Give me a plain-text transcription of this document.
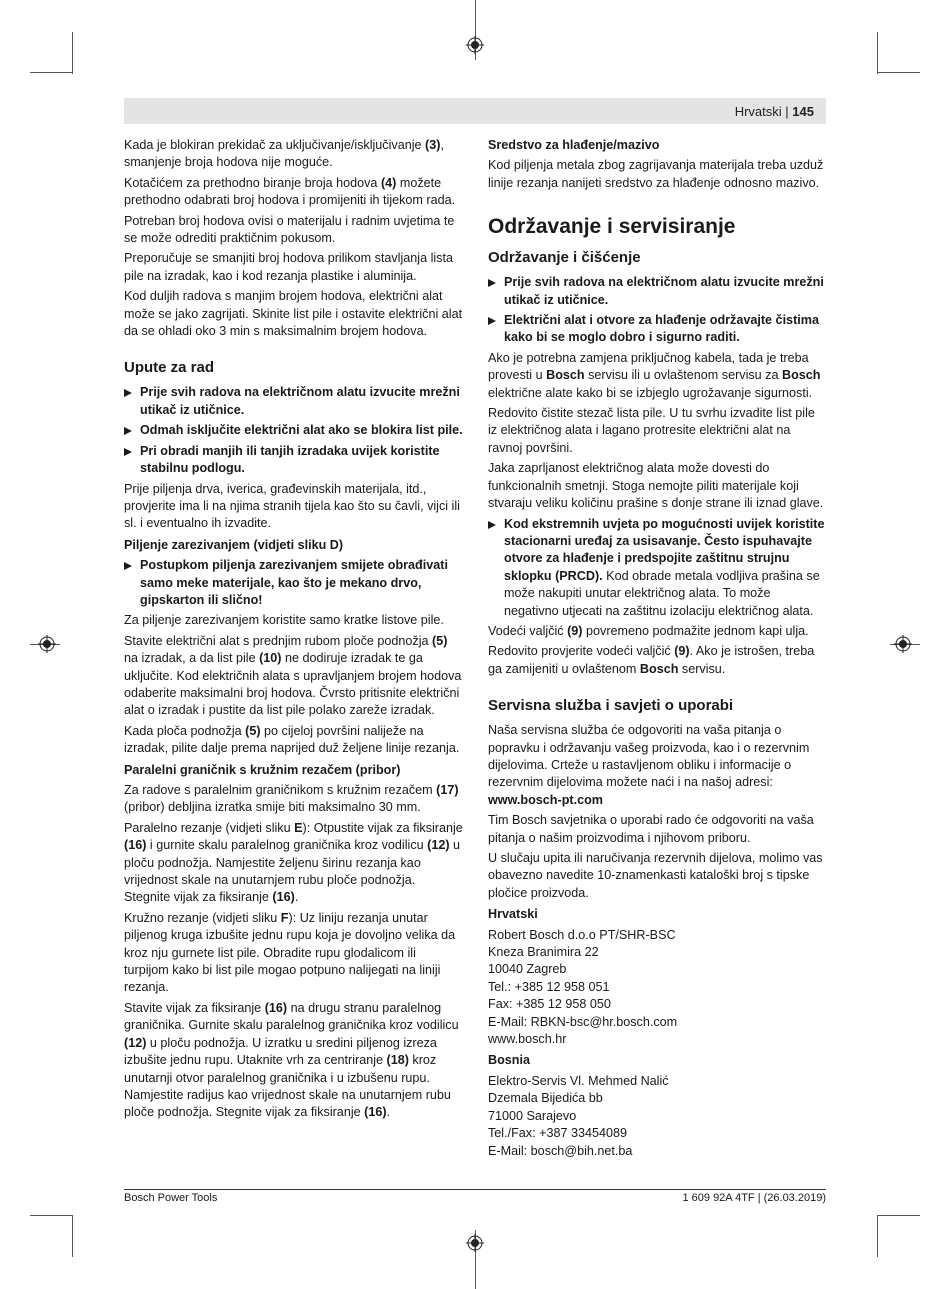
Hrvatski | 145

Kada je blokiran prekidač za uključivanje/isključivanje (3), smanjenje broja hodova nije moguće.

Kotačićem za prethodno biranje broja hodova (4) možete prethodno odabrati broj hodova i promijeniti ih tijekom rada.

Potreban broj hodova ovisi o materijalu i radnim uvjetima te se može odrediti praktičnim pokusom.

Preporučuje se smanjiti broj hodova prilikom stavljanja lista pile na izradak, kao i kod rezanja plastike i aluminija.

Kod duljih radova s manjim brojem hodova, električni alat može se jako zagrijati. Skinite list pile i ostavite električni alat da se ohladi oko 3 min s maksimalnim brojem hodova.

Upute za rad
Prije svih radova na električnom alatu izvucite mrežni utikač iz utičnice.
Odmah isključite električni alat ako se blokira list pile.
Pri obradi manjih ili tanjih izradaka uvijek koristite stabilnu podlogu.

Prije piljenja drva, iverica, građevinskih materijala, itd., provjerite ima li na njima stranih tijela kao što su čavli, vijci ili sl. i eventualno ih izvadite.

Piljenje zarezivanjem (vidjeti sliku D)
Postupkom piljenja zarezivanjem smijete obrađivati samo meke materijale, kao što je mekano drvo, gipskarton ili slično!

Za piljenje zarezivanjem koristite samo kratke listove pile.

Stavite električni alat s prednjim rubom ploče podnožja (5) na izradak, a da list pile (10) ne dodiruje izradak te ga uključite. Kod električnih alata s upravljanjem brojem hodova odaberite maksimalni broj hodova. Čvrsto pritisnite električni alat o izradak i pustite da list pile polako zareže izradak.

Kada ploča podnožja (5) po cijeloj površini naliježe na izradak, pilite dalje prema naprijed duž željene linije rezanja.

Paralelni graničnik s kružnim rezačem (pribor)

Za radove s paralelnim graničnikom s kružnim rezačem (17) (pribor) debljina izratka smije biti maksimalno 30 mm.

Paralelno rezanje (vidjeti sliku E): Otpustite vijak za fiksiranje (16) i gurnite skalu paralelnog graničnika kroz vodilicu (12) u ploču podnožja. Namjestite željenu širinu rezanja kao vrijednost skale na unutarnjem rubu ploče podnožja. Stegnite vijak za fiksiranje (16).

Kružno rezanje (vidjeti sliku F): Uz liniju rezanja unutar piljenog kruga izbušite jednu rupu koja je dovoljno velika da kroz nju gurnete list pile. Obradite rupu glodalicom ili turpijom kako bi list pile mogao potpuno nalijegati na liniji rezanja.

Stavite vijak za fiksiranje (16) na drugu stranu paralelnog graničnika. Gurnite skalu paralelnog graničnika kroz vodilicu (12) u ploču podnožja. U izratku u sredini piljenog izreza izbušite jednu rupu. Utaknite vrh za centriranje (18) kroz unutarnji otvor paralelnog graničnika i u izbušenu rupu. Namjestite radijus kao vrijednost skale na unutarnjem rubu ploče podnožja. Stegnite vijak za fiksiranje (16).

Sredstvo za hlađenje/mazivo

Kod piljenja metala zbog zagrijavanja materijala treba uzduž linije rezanja nanijeti sredstvo za hlađenje odnosno mazivo.

Održavanje i servisiranje
Održavanje i čišćenje
Prije svih radova na električnom alatu izvucite mrežni utikač iz utičnice.
Električni alat i otvore za hlađenje održavajte čistima kako bi se moglo dobro i sigurno raditi.

Ako je potrebna zamjena priključnog kabela, tada je treba provesti u Bosch servisu ili u ovlaštenom servisu za Bosch električne alate kako bi se izbjeglo ugrožavanje sigurnosti.

Redovito čistite stezač lista pile. U tu svrhu izvadite list pile iz električnog alata i lagano protresite električni alat na ravnoj površini.

Jaka zaprljanost električnog alata može dovesti do funkcionalnih smetnji. Stoga nemojte piliti materijale koji stvaraju veliku količinu prašine s donje strane ili iznad glave.

Kod ekstremnih uvjeta po mogućnosti uvijek koristite stacionarni uređaj za usisavanje. Često ispuhavajte otvore za hlađenje i predspojite zaštitnu strujnu sklopku (PRCD). Kod obrade metala vodljiva prašina se može nakupiti unutar električnog alata. To može negativno utjecati na zaštitnu izolaciju električnog alata.

Vodeći valjčić (9) povremeno podmažite jednom kapi ulja.

Redovito provjerite vodeći valjčić (9). Ako je istrošen, treba ga zamijeniti u ovlaštenom Bosch servisu.

Servisna služba i savjeti o uporabi

Naša servisna služba će odgovoriti na vaša pitanja o popravku i održavanju vašeg proizvoda, kao i o rezervnim dijelovima. Crteže u rastavljenom obliku i informacije o rezervnim dijelovima možete naći i na našoj adresi:

www.bosch-pt.com

Tim Bosch savjetnika o uporabi rado će odgovoriti na vaša pitanja o našim proizvodima i njihovom priboru.

U slučaju upita ili naručivanja rezervnih dijelova, molimo vas obavezno navedite 10-znamenkasti kataloški broj s tipske pločice proizvoda.

Hrvatski
Robert Bosch d.o.o PT/SHR-BSC
Kneza Branimira 22
10040 Zagreb
Tel.: +385 12 958 051
Fax: +385 12 958 050
E-Mail: RBKN-bsc@hr.bosch.com
www.bosch.hr
Bosnia
Elektro-Servis Vl. Mehmed Nalić
Dzemala Bijedića bb
71000 Sarajevo
Tel./Fax: +387 33454089
E-Mail: bosch@bih.net.ba
Bosch Power Tools	1 609 92A 4TF | (26.03.2019)
